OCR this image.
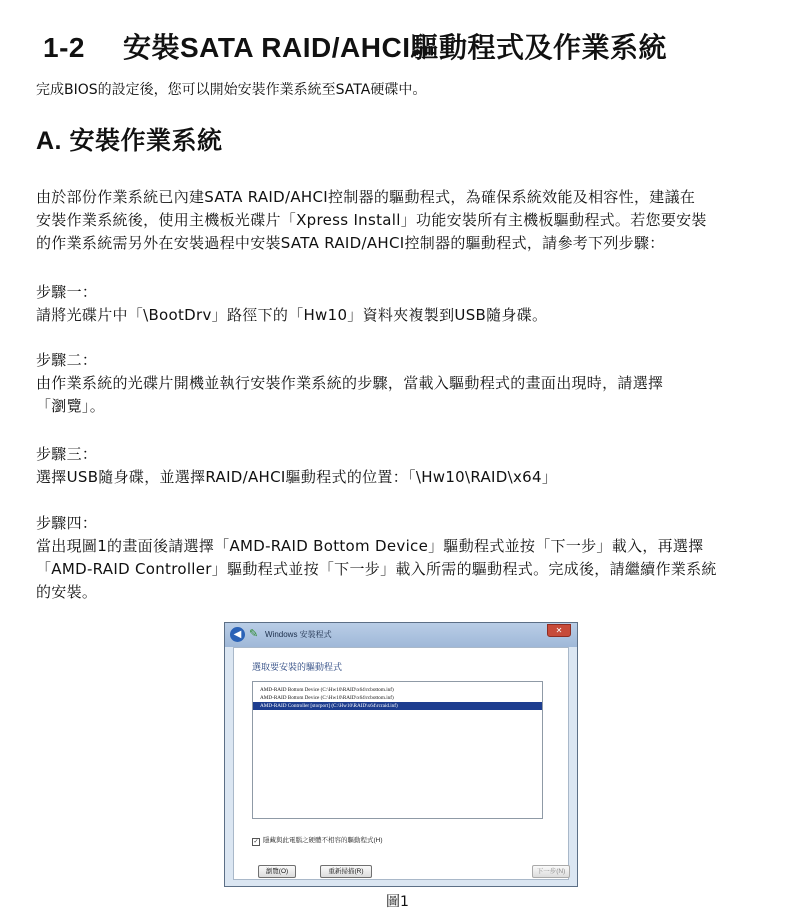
1-2 安裝SATA RAID/AHCI驅動程式及作業系統

完成BIOS的設定後，您可以開始安裝作業系統至SATA硬碟中。

A. 安裝作業系統
由於部份作業系統已內建SATA RAID/AHCI控制器的驅動程式，為確保系統效能及相容性，建議在
安裝作業系統後，使用主機板光碟片「Xpress Install」功能安裝所有主機板驅動程式。若您要安裝
的作業系統需另外在安裝過程中安裝SATA RAID/AHCI控制器的驅動程式，請參考下列步驟：
步驟一：
請將光碟片中「\BootDrv」路徑下的「Hw10」資料夾複製到USB隨身碟。
步驟二：
由作業系統的光碟片開機並執行安裝作業系統的步驟，當載入驅動程式的畫面出現時，請選擇
「瀏覽」。
步驟三：
選擇USB隨身碟，並選擇RAID/AHCI驅動程式的位置：「\Hw10\RAID\x64」
步驟四：
當出現圖1的畫面後請選擇「AMD-RAID Bottom Device」驅動程式並按「下一步」載入，再選擇
「AMD-RAID Controller」驅動程式並按「下一步」載入所需的驅動程式。完成後，請繼續作業系統
的安裝。
◀ ✎ Windows 安裝程式	✕
選取要安裝的驅動程式
AMD-RAID Bottom Device (C:\Hw10\RAID\x64\rcbottom.inf)
AMD-RAID Bottom Device (C:\Hw10\RAID\x64\rcbottom.inf)
AMD-RAID Controller [storport] (C:\Hw10\RAID\x64\rcraid.inf)
✓ 隱藏與此電腦之硬體不相容的驅動程式(H)
瀏覽(O)	重新掃描(R)	下一步(N)

圖1
